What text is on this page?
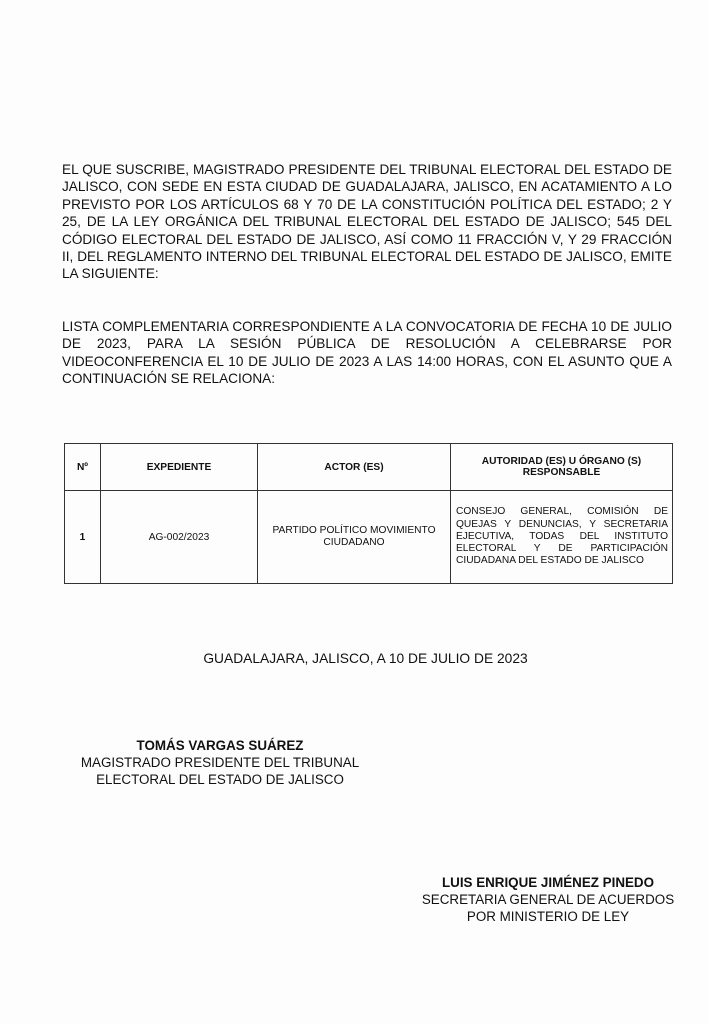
EL QUE SUSCRIBE, MAGISTRADO PRESIDENTE DEL TRIBUNAL ELECTORAL DEL ESTADO DE JALISCO, CON SEDE EN ESTA CIUDAD DE GUADALAJARA, JALISCO, EN ACATAMIENTO A LO PREVISTO POR LOS ARTÍCULOS 68 Y 70 DE LA CONSTITUCIÓN POLÍTICA DEL ESTADO; 2 Y 25, DE LA LEY ORGÁNICA DEL TRIBUNAL ELECTORAL DEL ESTADO DE JALISCO; 545 DEL CÓDIGO ELECTORAL DEL ESTADO DE JALISCO, ASÍ COMO 11 FRACCIÓN V, Y 29 FRACCIÓN II, DEL REGLAMENTO INTERNO DEL TRIBUNAL ELECTORAL DEL ESTADO DE JALISCO, EMITE LA SIGUIENTE:

LISTA COMPLEMENTARIA CORRESPONDIENTE A LA CONVOCATORIA DE FECHA 10 DE JULIO DE 2023, PARA LA SESIÓN PÚBLICA DE RESOLUCIÓN A CELEBRARSE POR VIDEOCONFERENCIA EL 10 DE JULIO DE 2023 A LAS 14:00 HORAS, CON EL ASUNTO QUE A CONTINUACIÓN SE RELACIONA:

Nº	EXPEDIENTE	ACTOR (ES)	AUTORIDAD (ES) U ÓRGANO (S) RESPONSABLE
1	AG-002/2023	PARTIDO POLÍTICO MOVIMIENTO CIUDADANO	CONSEJO GENERAL, COMISIÓN DE QUEJAS Y DENUNCIAS, Y SECRETARIA EJECUTIVA, TODAS DEL INSTITUTO ELECTORAL Y DE PARTICIPACIÓN CIUDADANA DEL ESTADO DE JALISCO
GUADALAJARA, JALISCO, A 10 DE JULIO DE 2023
TOMÁS VARGAS SUÁREZ
MAGISTRADO PRESIDENTE DEL TRIBUNAL
ELECTORAL DEL ESTADO DE JALISCO
LUIS ENRIQUE JIMÉNEZ PINEDO
SECRETARIA GENERAL DE ACUERDOS
POR MINISTERIO DE LEY
